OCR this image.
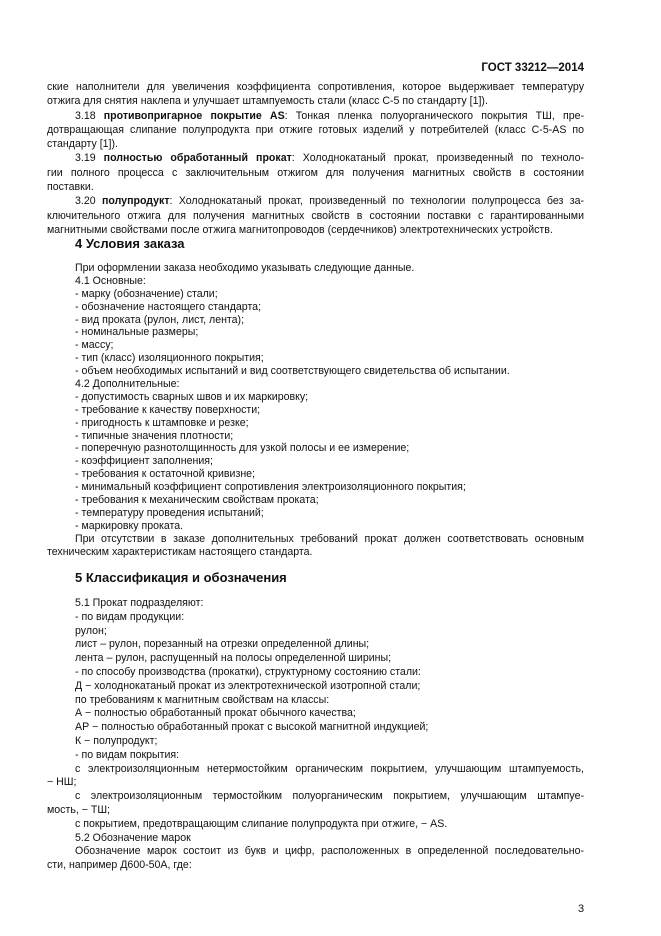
ГОСТ 33212—2014
ские наполнители для увеличения коэффициента сопротивления, которое выдерживает температуру
отжига для снятия наклепа и улучшает штампуемость стали (класс С-5 по стандарту [1]).
3.18 противопригарное покрытие AS: Тонкая пленка полуорганического покрытия ТШ, пре-
дотвращающая слипание полупродукта при отжиге готовых изделий у потребителей (класс С-5-AS по
стандарту [1]).
3.19 полностью обработанный прокат: Холоднокатаный прокат, произведенный по техноло-
гии полного процесса с заключительным отжигом для получения магнитных свойств в состоянии
поставки.
3.20 полупродукт: Холоднокатаный прокат, произведенный по технологии полупроцесса без за-
ключительного отжига для получения магнитных свойств в состоянии поставки с гарантированными
магнитными свойствами после отжига магнитопроводов (сердечников) электротехнических устройств.
4 Условия заказа
При оформлении заказа необходимо указывать следующие данные.
4.1 Основные:
- марку (обозначение) стали;
- обозначение настоящего стандарта;
- вид проката (рулон, лист, лента);
- номинальные размеры;
- массу;
- тип (класс) изоляционного покрытия;
- объем необходимых испытаний и вид соответствующего свидетельства об испытании.
4.2 Дополнительные:
- допустимость сварных швов и их маркировку;
- требование к качеству поверхности;
- пригодность к штамповке и резке;
- типичные значения плотности;
- поперечную разнотолщинность для узкой полосы и ее измерение;
- коэффициент заполнения;
- требования к остаточной кривизне;
- минимальный коэффициент сопротивления электроизоляционного покрытия;
- требования к механическим свойствам проката;
- температуру проведения испытаний;
- маркировку проката.
При отсутствии в заказе дополнительных требований прокат должен соответствовать основным
техническим характеристикам настоящего стандарта.
5 Классификация и обозначения
5.1 Прокат подразделяют:
- по видам продукции:
рулон;
лист – рулон, порезанный на отрезки определенной длины;
лента – рулон, распущенный на полосы определенной ширины;
- по способу производства (прокатки), структурному состоянию стали:
Д − холоднокатаный прокат из электротехнической изотропной стали;
по требованиям к магнитным свойствам на классы:
А − полностью обработанный прокат обычного качества;
АР − полностью обработанный прокат с высокой магнитной индукцией;
К − полупродукт;
- по видам покрытия:
с электроизоляционным нетермостойким органическим покрытием, улучшающим штампуемость,
− НШ;
с электроизоляционным термостойким полуорганическим покрытием, улучшающим штампуе-
мость, − ТШ;
с покрытием, предотвращающим слипание полупродукта при отжиге, − AS.
5.2 Обозначение марок
Обозначение марок состоит из букв и цифр, расположенных в определенной последовательно-
сти, например Д600-50А, где:
3
